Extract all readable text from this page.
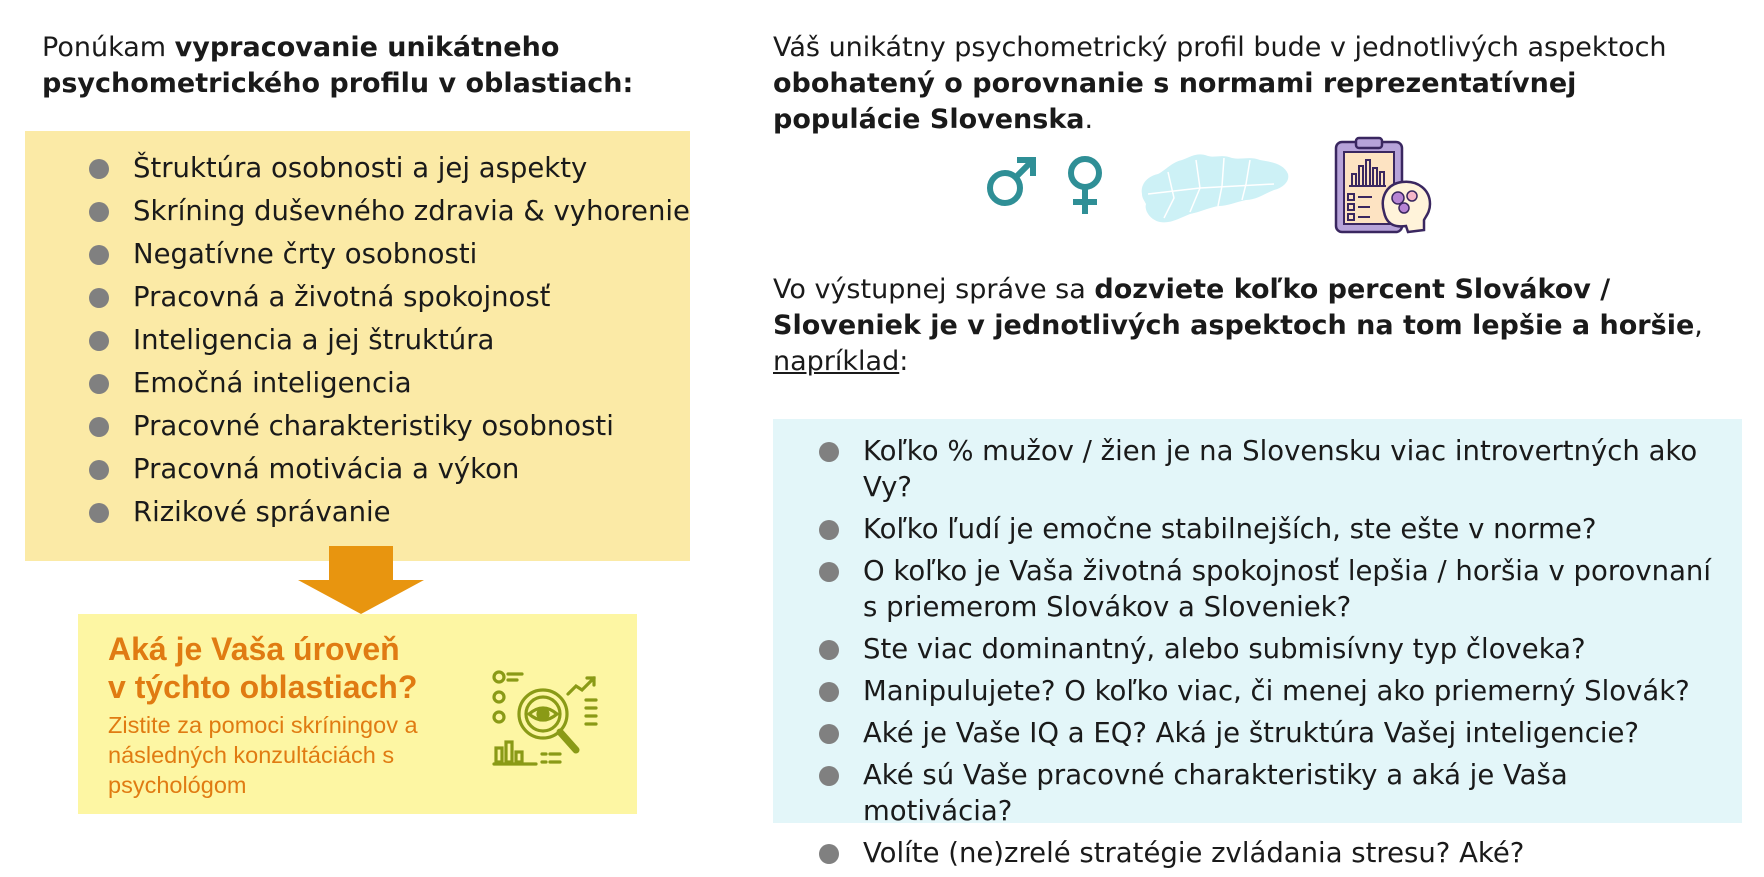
Ponúkam vypracovanie unikátneho psychometrického profilu v oblastiach:
Štruktúra osobnosti a jej aspekty
Skríning duševného zdravia & vyhorenie
Negatívne črty osobnosti
Pracovná a životná spokojnosť
Inteligencia a jej štruktúra
Emočná inteligencia
Pracovné charakteristiky osobnosti
Pracovná motivácia a výkon
Rizikové správanie
Aká je Vaša úroveň
v týchto oblastiach?
Zistite za pomoci skríningov a následných konzultáciách s psychológom
Váš unikátny psychometrický profil bude v jednotlivých aspektoch obohatený o porovnanie s normami reprezentatívnej populácie Slovenska.
Vo výstupnej správe sa dozviete koľko percent Slovákov / Sloveniek je v jednotlivých aspektoch na tom lepšie a horšie,
napríklad:
Koľko % mužov / žien je na Slovensku viac introvertných ako Vy?
Koľko ľudí je emočne stabilnejších, ste ešte v norme?
O koľko je Vaša životná spokojnosť lepšia / horšia v porovnaní s priemerom Slovákov a Sloveniek?
Ste viac dominantný, alebo submisívny typ človeka?
Manipulujete? O koľko viac, či menej ako priemerný Slovák?
Aké je Vaše IQ a EQ? Aká je štruktúra Vašej inteligencie?
Aké sú Vaše pracovné charakteristiky a aká je Vaša motivácia?
Volíte (ne)zrelé stratégie zvládania stresu? Aké?
